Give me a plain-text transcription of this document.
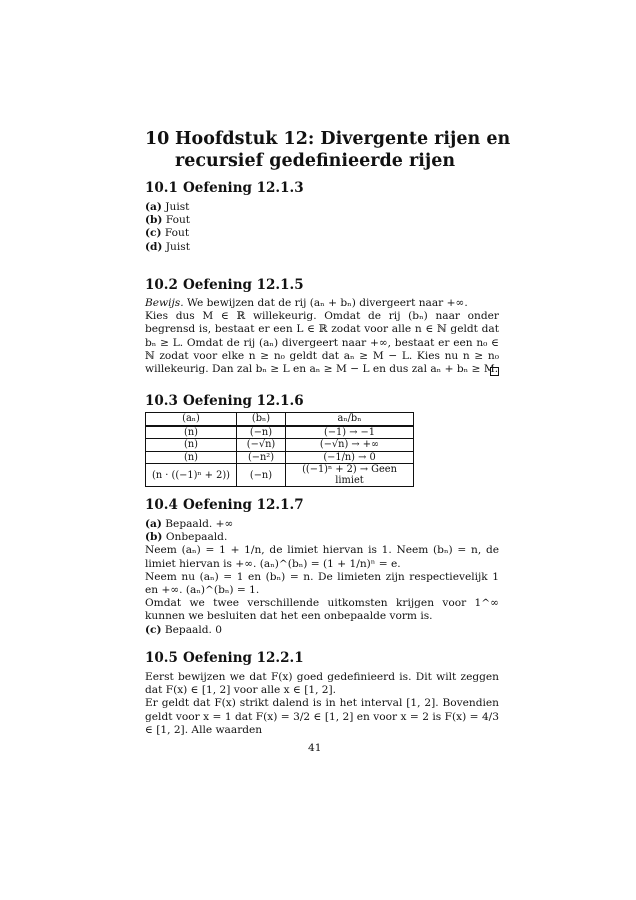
10 Hoofdstuk 12: Divergente rijen en recursief gedefinieerde rijen
10.1 Oefening 12.1.3
(a) Juist
(b) Fout
(c) Fout
(d) Juist
10.2 Oefening 12.1.5
Bewijs. We bewijzen dat de rij (aₙ + bₙ) divergeert naar +∞.
Kies dus M ∈ ℝ willekeurig. Omdat de rij (bₙ) naar onder begrensd is, bestaat er een L ∈ ℝ zodat voor alle n ∈ ℕ geldt dat bₙ ≥ L. Omdat de rij (aₙ) divergeert naar +∞, bestaat er een n₀ ∈ ℕ zodat voor elke n ≥ n₀ geldt dat aₙ ≥ M − L. Kies nu n ≥ n₀ willekeurig. Dan zal bₙ ≥ L en aₙ ≥ M − L en dus zal aₙ + bₙ ≥ M.
10.3 Oefening 12.1.6
(aₙ)	(bₙ)	aₙ/bₙ
(n)	(−n)	(−1) → −1
(n)	(−√n)	(−√n) → +∞
(n)	(−n²)	(−1/n) → 0
(n · ((−1)ⁿ + 2))	(−n)	((−1)ⁿ + 2) → Geen limiet
10.4 Oefening 12.1.7
(a) Bepaald. +∞
(b) Onbepaald.
Neem (aₙ) = 1 + 1/n, de limiet hiervan is 1. Neem (bₙ) = n, de limiet hiervan is +∞. (aₙ)^(bₙ) = (1 + 1/n)ⁿ = e.
Neem nu (aₙ) = 1 en (bₙ) = n. De limieten zijn respectievelijk 1 en +∞. (aₙ)^(bₙ) = 1.
Omdat we twee verschillende uitkomsten krijgen voor 1^∞ kunnen we besluiten dat het een onbepaalde vorm is.
(c) Bepaald. 0
10.5 Oefening 12.2.1
Eerst bewijzen we dat F(x) goed gedefinieerd is. Dit wilt zeggen dat F(x) ∈ [1, 2] voor alle x ∈ [1, 2].
Er geldt dat F(x) strikt dalend is in het interval [1, 2]. Bovendien geldt voor x = 1 dat F(x) = 3/2 ∈ [1, 2] en voor x = 2 is F(x) = 4/3 ∈ [1, 2]. Alle waarden
41
